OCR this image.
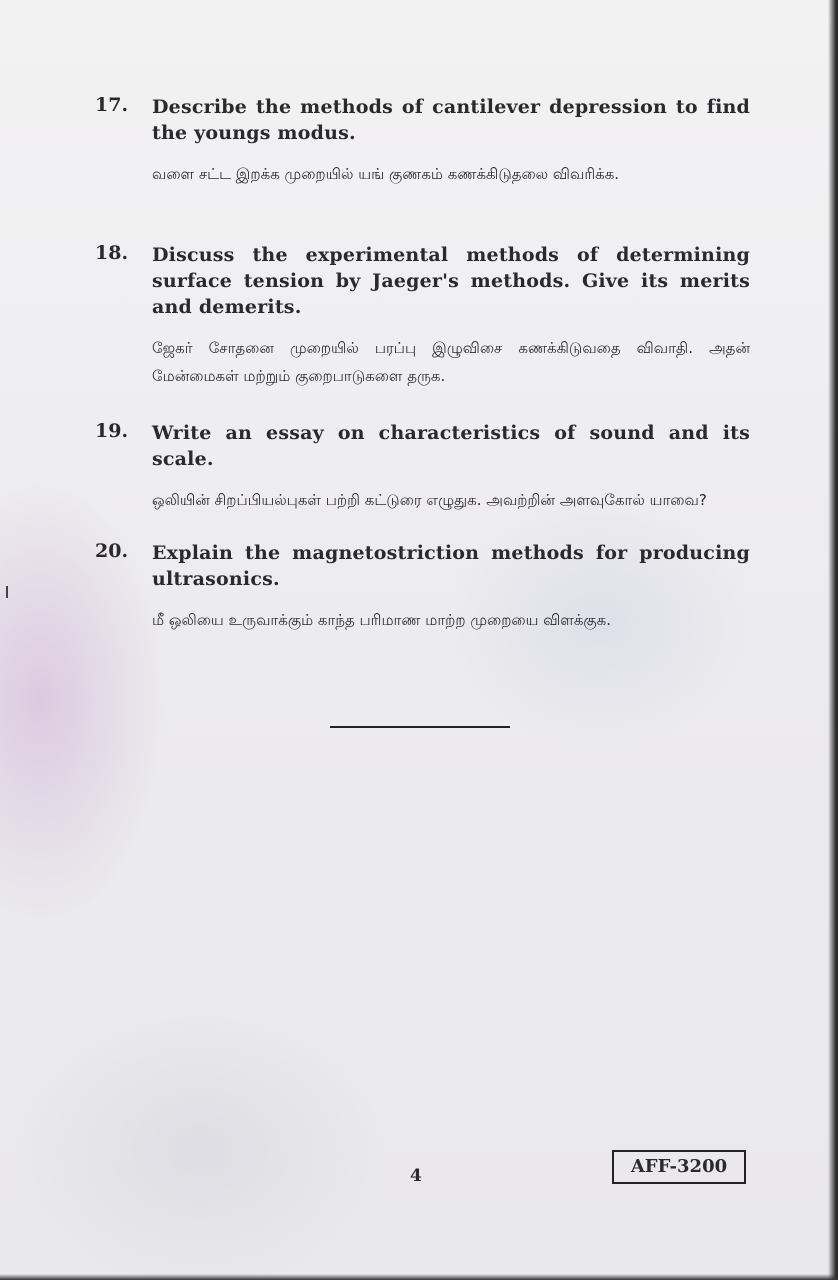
17.	Describe the methods of cantilever depression to find the youngs modus.
வளை சட்ட இறக்க முறையில் யங் குணகம் கணக்கிடுதலை விவரிக்க.
18.	Discuss the experimental methods of determining surface tension by Jaeger's methods. Give its merits and demerits.
ஜேகர் சோதனை முறையில் பரப்பு இழுவிசை கணக்கிடுவதை விவாதி. அதன் மேன்மைகள் மற்றும் குறைபாடுகளை தருக.
19.	Write an essay on characteristics of sound and its scale.
ஒலியின் சிறப்பியல்புகள் பற்றி கட்டுரை எழுதுக. அவற்றின் அளவுகோல் யாவை?
20.	Explain the magnetostriction methods for producing ultrasonics.
மீ ஒலியை உருவாக்கும் காந்த பரிமாண மாற்ற முறையை விளக்குக.
4	AFF-3200
